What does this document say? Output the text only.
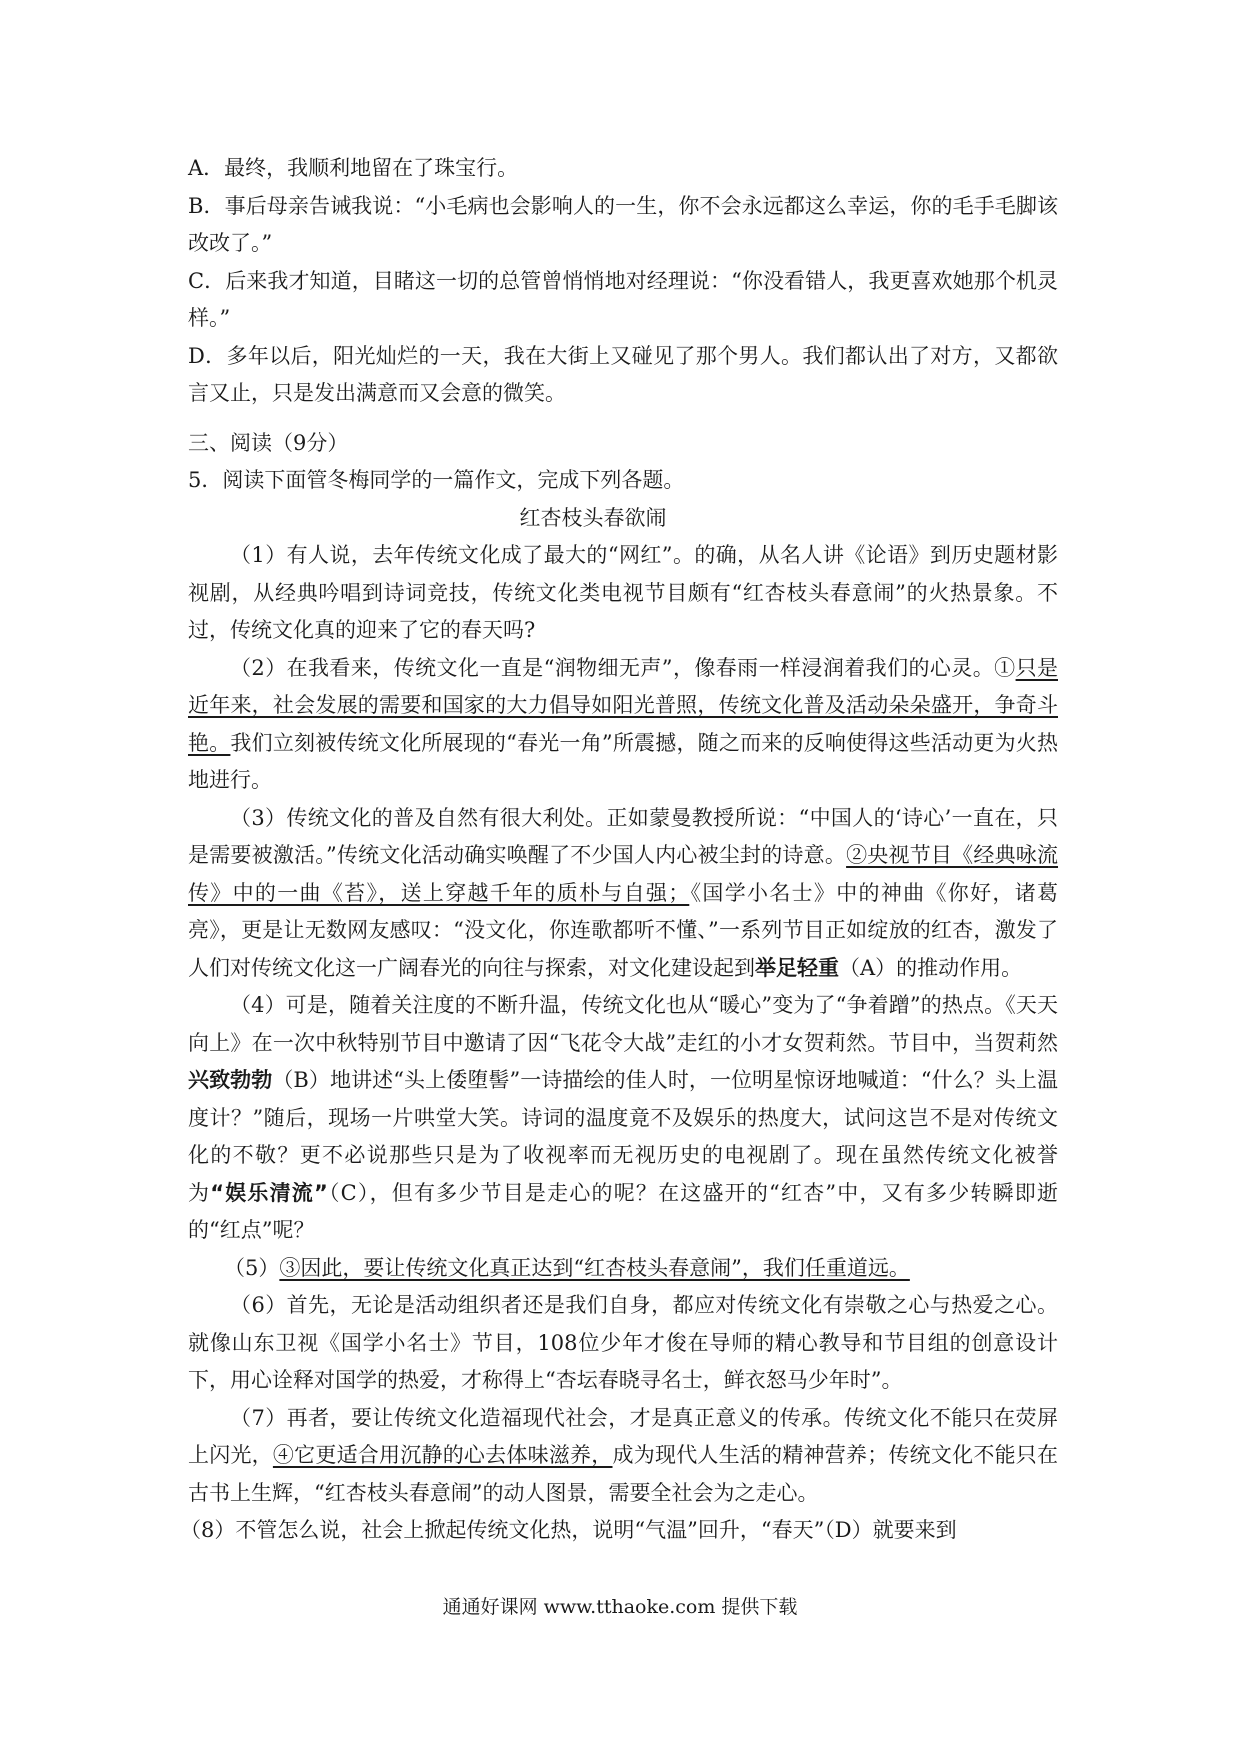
A．最终，我顺利地留在了珠宝行。

B．事后母亲告诫我说：“小毛病也会影响人的一生，你不会永远都这么幸运，你的毛手毛脚该改改了。”

C．后来我才知道，目睹这一切的总管曾悄悄地对经理说：“你没看错人，我更喜欢她那个机灵样。”

D．多年以后，阳光灿烂的一天，我在大街上又碰见了那个男人。我们都认出了对方，又都欲言又止，只是发出满意而又会意的微笑。

三、阅读（9分）

5．阅读下面管冬梅同学的一篇作文，完成下列各题。

红杏枝头春欲闹

（1）有人说，去年传统文化成了最大的“网红”。的确，从名人讲《论语》到历史题材影视剧，从经典吟唱到诗词竞技，传统文化类电视节目颇有“红杏枝头春意闹”的火热景象。不过，传统文化真的迎来了它的春天吗?

（2）在我看来，传统文化一直是“润物细无声”，像春雨一样浸润着我们的心灵。①只是近年来，社会发展的需要和国家的大力倡导如阳光普照，传统文化普及活动朵朵盛开，争奇斗艳。我们立刻被传统文化所展现的“春光一角”所震撼，随之而来的反响使得这些活动更为火热地进行。

（3）传统文化的普及自然有很大利处。正如蒙曼教授所说：“中国人的‘诗心’一直在，只是需要被激活。”传统文化活动确实唤醒了不少国人内心被尘封的诗意。②央视节目《经典咏流传》中的一曲《苔》，送上穿越千年的质朴与自强；《国学小名士》中的神曲《你好，诸葛亮》，更是让无数网友感叹：“没文化，你连歌都听不懂、”一系列节目正如绽放的红杏，激发了人们对传统文化这一广阔春光的向往与探索，对文化建设起到举足轻重（A）的推动作用。

（4）可是，随着关注度的不断升温，传统文化也从“暖心”变为了“争着蹭”的热点。《天天向上》在一次中秋特别节目中邀请了因“飞花令大战”走红的小才女贺莉然。节目中，当贺莉然兴致勃勃（B）地讲述“头上倭堕髻”一诗描绘的佳人时，一位明星惊讶地喊道：“什么？头上温度计？”随后，现场一片哄堂大笑。诗词的温度竟不及娱乐的热度大，试问这岂不是对传统文化的不敬？更不必说那些只是为了收视率而无视历史的电视剧了。现在虽然传统文化被誉为“娱乐清流”（C），但有多少节目是走心的呢？在这盛开的“红杏”中，又有多少转瞬即逝的“红点”呢？

（5）③因此，要让传统文化真正达到“红杏枝头春意闹”，我们任重道远。

（6）首先，无论是活动组织者还是我们自身，都应对传统文化有崇敬之心与热爱之心。就像山东卫视《国学小名士》节目，108位少年才俊在导师的精心教导和节目组的创意设计下，用心诠释对国学的热爱，才称得上“杏坛春晓寻名士，鲜衣怒马少年时”。

（7）再者，要让传统文化造福现代社会，才是真正意义的传承。传统文化不能只在荧屏上闪光，④它更适合用沉静的心去体味滋养，成为现代人生活的精神营养；传统文化不能只在古书上生辉，“红杏枝头春意闹”的动人图景，需要全社会为之走心。

（8）不管怎么说，社会上掀起传统文化热，说明“气温”回升，“春天”（D）就要来到

通通好课网 www.tthaoke.com 提供下载
